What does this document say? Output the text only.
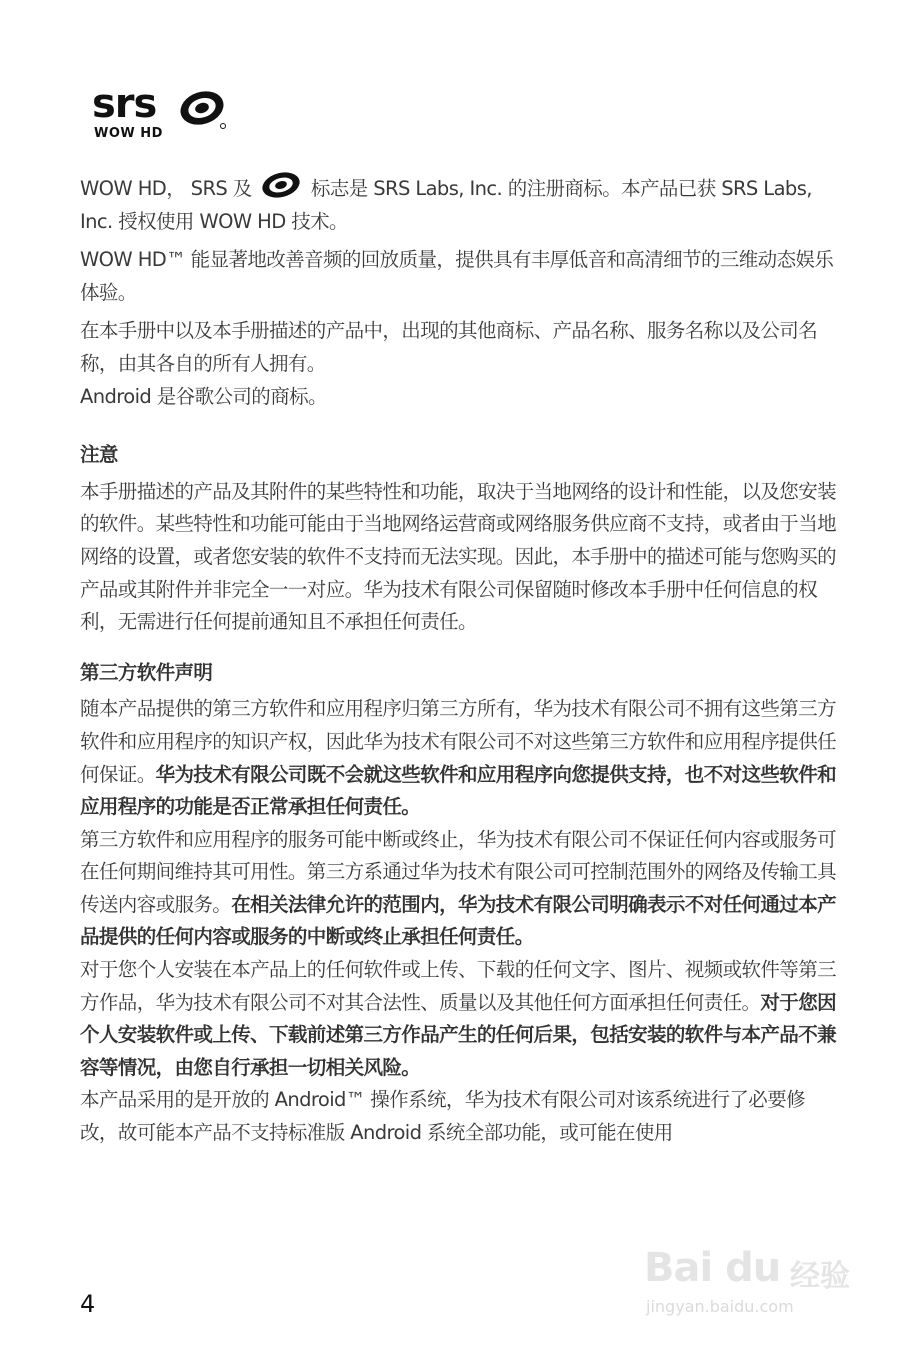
srs
WOW HD

WOW HD， SRS 及	标志是 SRS Labs, Inc. 的注册商标。本产品已获 SRS Labs, Inc. 授权使用 WOW HD 技术。

WOW HD™ 能显著地改善音频的回放质量，提供具有丰厚低音和高清细节的三维动态娱乐体验。

在本手册中以及本手册描述的产品中，出现的其他商标、产品名称、服务名称以及公司名称，由其各自的所有人拥有。

Android 是谷歌公司的商标。

注意

本手册描述的产品及其附件的某些特性和功能，取决于当地网络的设计和性能，以及您安装的软件。某些特性和功能可能由于当地网络运营商或网络服务供应商不支持，或者由于当地网络的设置，或者您安装的软件不支持而无法实现。因此，本手册中的描述可能与您购买的产品或其附件并非完全一一对应。华为技术有限公司保留随时修改本手册中任何信息的权利，无需进行任何提前通知且不承担任何责任。

第三方软件声明

随本产品提供的第三方软件和应用程序归第三方所有，华为技术有限公司不拥有这些第三方软件和应用程序的知识产权，因此华为技术有限公司不对这些第三方软件和应用程序提供任何保证。华为技术有限公司既不会就这些软件和应用程序向您提供支持，也不对这些软件和应用程序的功能是否正常承担任何责任。

第三方软件和应用程序的服务可能中断或终止，华为技术有限公司不保证任何内容或服务可在任何期间维持其可用性。第三方系通过华为技术有限公司可控制范围外的网络及传输工具传送内容或服务。在相关法律允许的范围内，华为技术有限公司明确表示不对任何通过本产品提供的任何内容或服务的中断或终止承担任何责任。

对于您个人安装在本产品上的任何软件或上传、下载的任何文字、图片、视频或软件等第三方作品，华为技术有限公司不对其合法性、质量以及其他任何方面承担任何责任。对于您因个人安装软件或上传、下载前述第三方作品产生的任何后果，包括安装的软件与本产品不兼容等情况，由您自行承担一切相关风险。

本产品采用的是开放的 Android™ 操作系统，华为技术有限公司对该系统进行了必要修改，故可能本产品不支持标准版 Android 系统全部功能，或可能在使用

4
Bai du 经验
jingyan.baidu.com
